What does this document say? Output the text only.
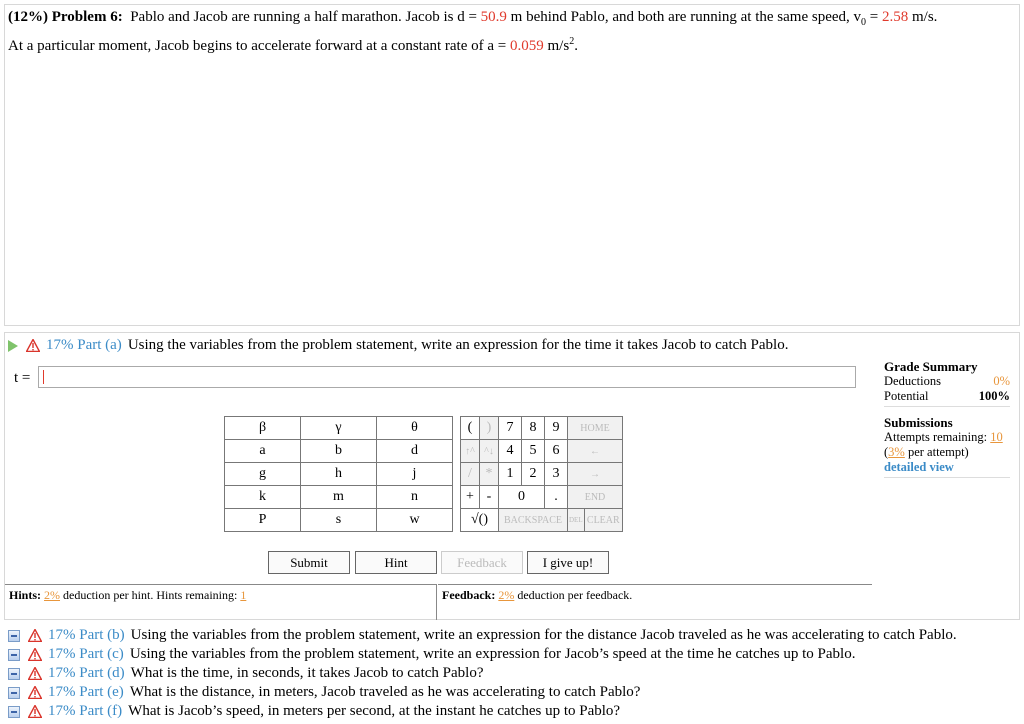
(12%) Problem 6: Pablo and Jacob are running a half marathon. Jacob is d = 50.9 m behind Pablo, and both are running at the same speed, $v_0 = 2.58$ m/s.
At a particular moment, Jacob begins to accelerate forward at a constant rate of a = 0.059 $m/s^2$.
17% Part (a) Using the variables from the problem statement, write an expression for the time it takes Jacob to catch Pablo.
t =
Grade Summary
Deductions	0%
Potential	100%
Submissions
Attempts remaining: 10
(3% per attempt)
detailed view
β	γ	θ
a	b	d
g	h	j
k	m	n
P	s	w
(	)	7	8	9	HOME	
↑^	^↓	4	5	6	←	
/	*	1	2	3	→	
+	-	0		.	END	
√()		BACKSPACE			DEL	CLEAR
Submit	Hint	Feedback	I give up!
Hints: 2% deduction per hint. Hints remaining: 1	Feedback: 2% deduction per feedback.
17% Part (b) Using the variables from the problem statement, write an expression for the distance Jacob traveled as he was accelerating to catch Pablo.
17% Part (c) Using the variables from the problem statement, write an expression for Jacob’s speed at the time he catches up to Pablo.
17% Part (d) What is the time, in seconds, it takes Jacob to catch Pablo?
17% Part (e) What is the distance, in meters, Jacob traveled as he was accelerating to catch Pablo?
17% Part (f) What is Jacob’s speed, in meters per second, at the instant he catches up to Pablo?
